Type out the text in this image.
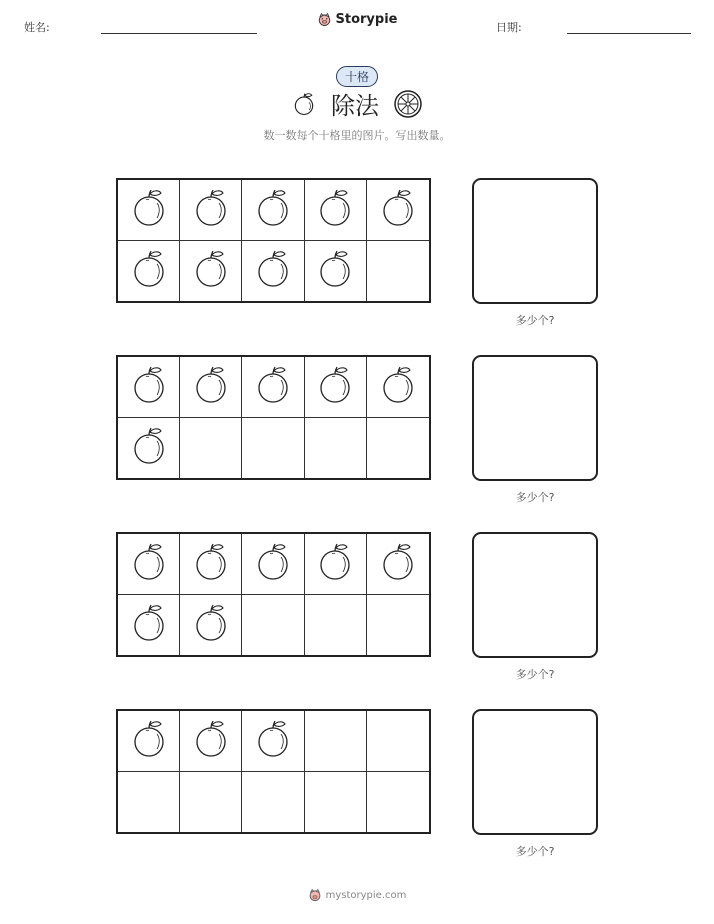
姓名:
Storypie
日期:
十格
除法
数一数每个十格里的图片。写出数量。
多少个?
多少个?
多少个?
多少个?
mystorypie.com
